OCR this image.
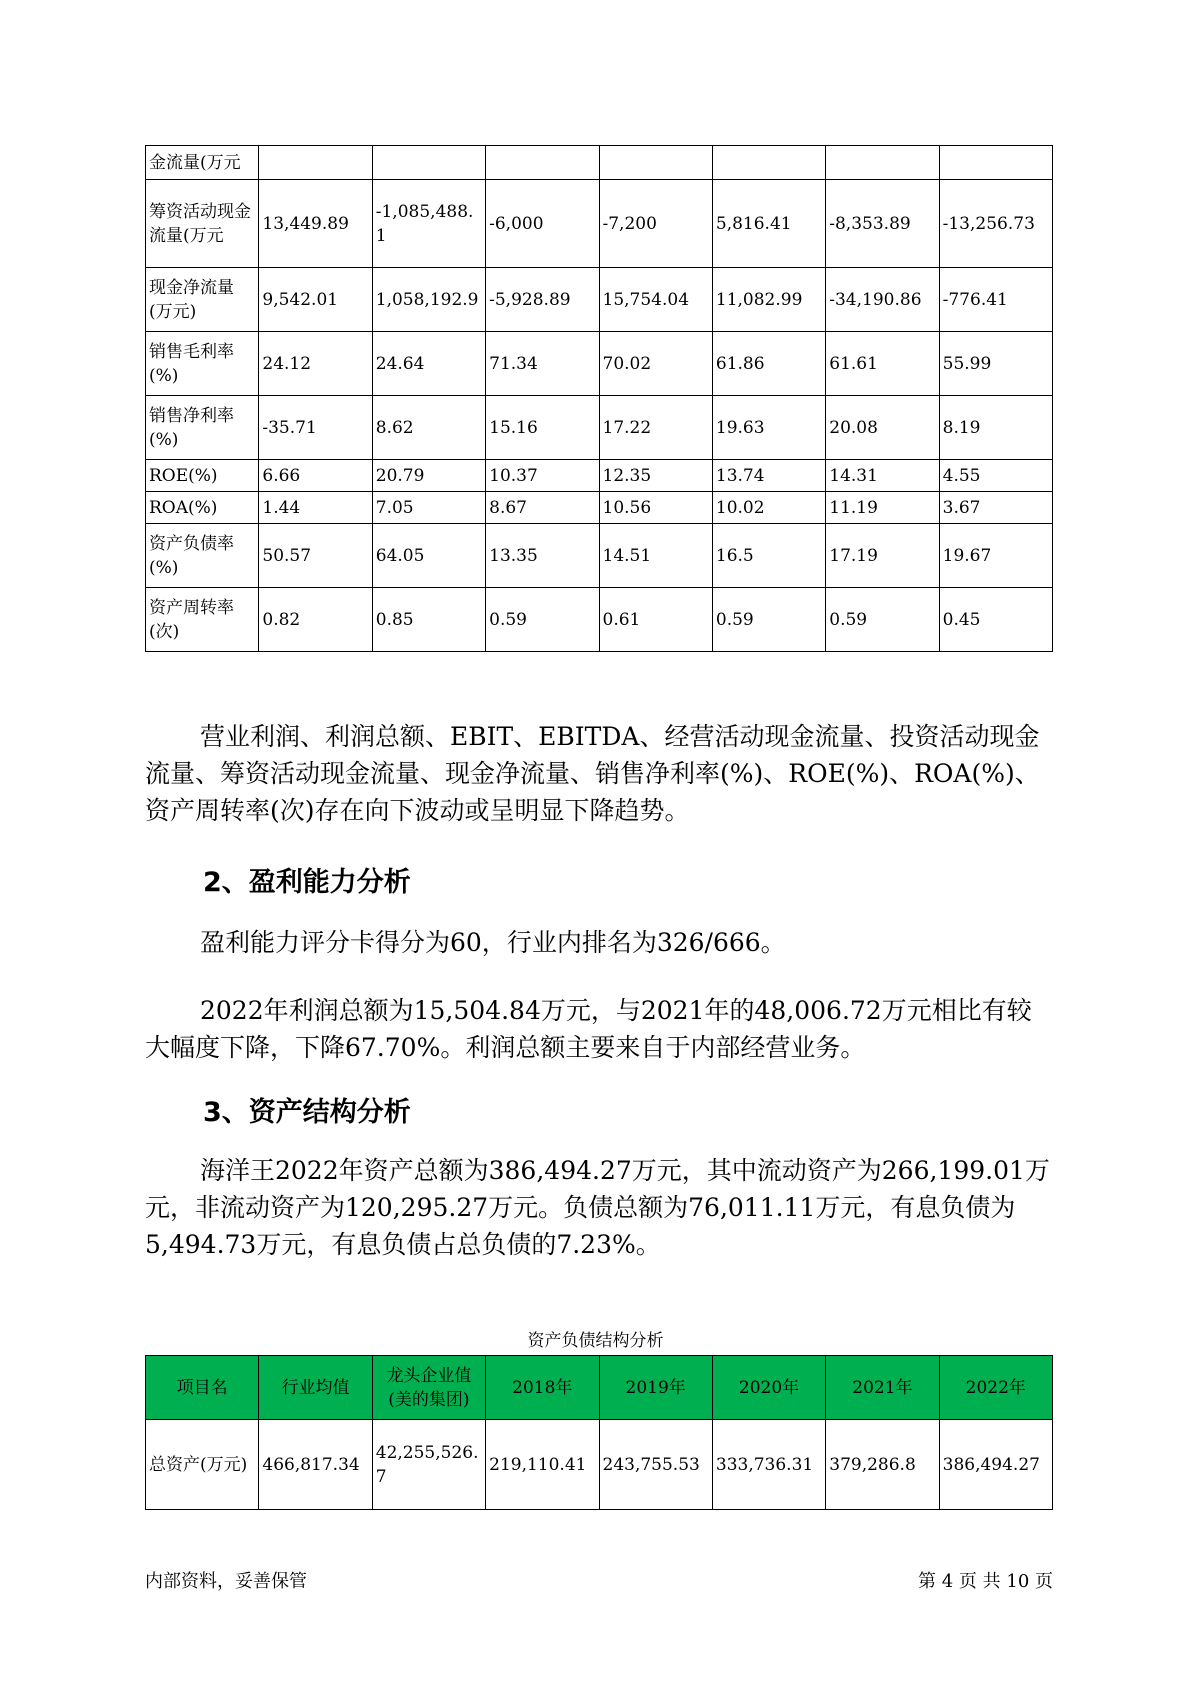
金流量(万元							
筹资活动现金流量(万元	13,449.89	-1,085,488.1	-6,000	-7,200	5,816.41	-8,353.89	-13,256.73
现金净流量(万元)	9,542.01	1,058,192.9	-5,928.89	15,754.04	11,082.99	-34,190.86	-776.41
销售毛利率(%)	24.12	24.64	71.34	70.02	61.86	61.61	55.99
销售净利率(%)	-35.71	8.62	15.16	17.22	19.63	20.08	8.19
ROE(%)	6.66	20.79	10.37	12.35	13.74	14.31	4.55
ROA(%)	1.44	7.05	8.67	10.56	10.02	11.19	3.67
资产负债率(%)	50.57	64.05	13.35	14.51	16.5	17.19	19.67
资产周转率(次)	0.82	0.85	0.59	0.61	0.59	0.59	0.45
营业利润、利润总额、EBIT、EBITDA、经营活动现金流量、投资活动现金流量、筹资活动现金流量、现金净流量、销售净利率(%)、ROE(%)、ROA(%)、资产周转率(次)存在向下波动或呈明显下降趋势。
2、盈利能力分析
盈利能力评分卡得分为60，行业内排名为326/666。
2022年利润总额为15,504.84万元，与2021年的48,006.72万元相比有较大幅度下降，下降67.70%。利润总额主要来自于内部经营业务。
3、资产结构分析
海洋王2022年资产总额为386,494.27万元，其中流动资产为266,199.01万元，非流动资产为120,295.27万元。负债总额为76,011.11万元，有息负债为5,494.73万元，有息负债占总负债的7.23%。
资产负债结构分析
项目名	行业均值	龙头企业值(美的集团)	2018年	2019年	2020年	2021年	2022年
总资产(万元)	466,817.34	42,255,526.7	219,110.41	243,755.53	333,736.31	379,286.8	386,494.27
内部资料，妥善保管	第 4 页 共 10 页
